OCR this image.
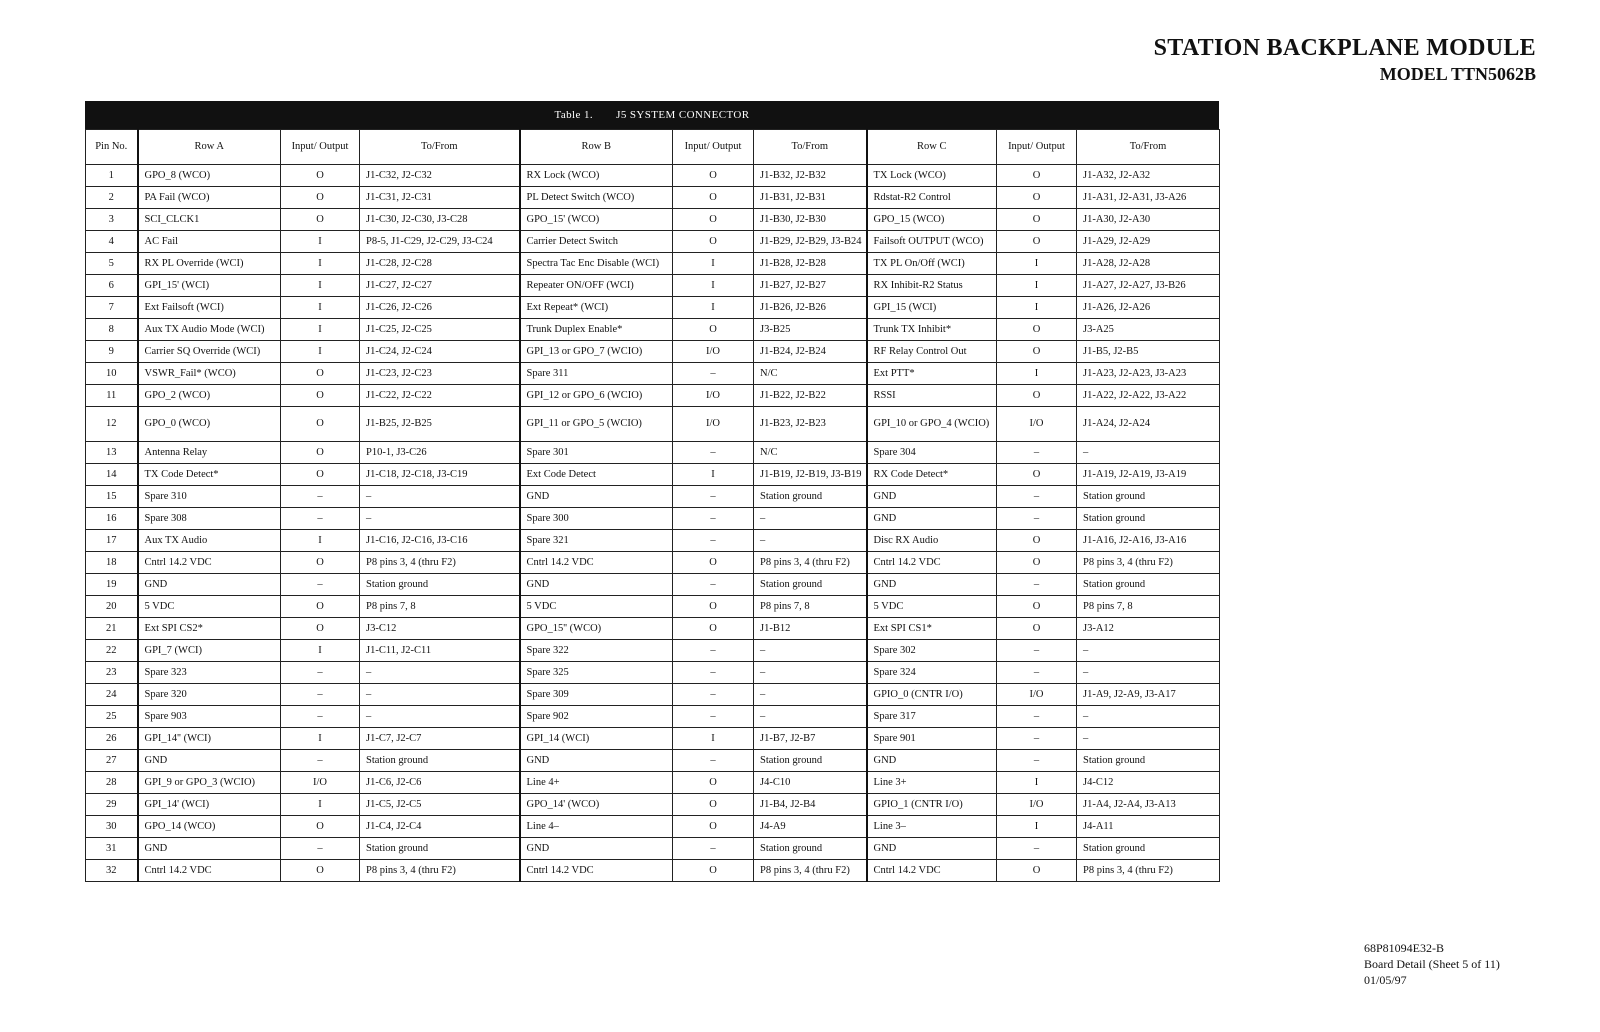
STATION BACKPLANE MODULE
MODEL TTN5062B
Table 1. J5 SYSTEM CONNECTOR
Pin No.	Row A	Input/ Output	To/From	Row B	Input/ Output	To/From	Row C	Input/ Output	To/From
1	GPO_8 (WCO)	O	J1-C32, J2-C32	RX Lock (WCO)	O	J1-B32, J2-B32	TX Lock (WCO)	O	J1-A32, J2-A32
2	PA Fail (WCO)	O	J1-C31, J2-C31	PL Detect Switch (WCO)	O	J1-B31, J2-B31	Rdstat-R2 Control	O	J1-A31, J2-A31, J3-A26
3	SCI_CLCK1	O	J1-C30, J2-C30, J3-C28	GPO_15' (WCO)	O	J1-B30, J2-B30	GPO_15 (WCO)	O	J1-A30, J2-A30
4	AC Fail	I	P8-5, J1-C29, J2-C29, J3-C24	Carrier Detect Switch	O	J1-B29, J2-B29, J3-B24	Failsoft OUTPUT (WCO)	O	J1-A29, J2-A29
5	RX PL Override (WCI)	I	J1-C28, J2-C28	Spectra Tac Enc Disable (WCI)	I	J1-B28, J2-B28	TX PL On/Off (WCI)	I	J1-A28, J2-A28
6	GPI_15' (WCI)	I	J1-C27, J2-C27	Repeater ON/OFF (WCI)	I	J1-B27, J2-B27	RX Inhibit-R2 Status	I	J1-A27, J2-A27, J3-B26
7	Ext Failsoft (WCI)	I	J1-C26, J2-C26	Ext Repeat* (WCI)	I	J1-B26, J2-B26	GPI_15 (WCI)	I	J1-A26, J2-A26
8	Aux TX Audio Mode (WCI)	I	J1-C25, J2-C25	Trunk Duplex Enable*	O	J3-B25	Trunk TX Inhibit*	O	J3-A25
9	Carrier SQ Override (WCI)	I	J1-C24, J2-C24	GPI_13 or GPO_7 (WCIO)	I/O	J1-B24, J2-B24	RF Relay Control Out	O	J1-B5, J2-B5
10	VSWR_Fail* (WCO)	O	J1-C23, J2-C23	Spare 311	–	N/C	Ext PTT*	I	J1-A23, J2-A23, J3-A23
11	GPO_2 (WCO)	O	J1-C22, J2-C22	GPI_12 or GPO_6 (WCIO)	I/O	J1-B22, J2-B22	RSSI	O	J1-A22, J2-A22, J3-A22
12	GPO_0 (WCO)	O	J1-B25, J2-B25	GPI_11 or GPO_5 (WCIO)	I/O	J1-B23, J2-B23	GPI_10 or GPO_4 (WCIO)	I/O	J1-A24, J2-A24
13	Antenna Relay	O	P10-1, J3-C26	Spare 301	–	N/C	Spare 304	–	–
14	TX Code Detect*	O	J1-C18, J2-C18, J3-C19	Ext Code Detect	I	J1-B19, J2-B19, J3-B19	RX Code Detect*	O	J1-A19, J2-A19, J3-A19
15	Spare 310	–	–	GND	–	Station ground	GND	–	Station ground
16	Spare 308	–	–	Spare 300	–	–	GND	–	Station ground
17	Aux TX Audio	I	J1-C16, J2-C16, J3-C16	Spare 321	–	–	Disc RX Audio	O	J1-A16, J2-A16, J3-A16
18	Cntrl 14.2 VDC	O	P8 pins 3, 4 (thru F2)	Cntrl 14.2 VDC	O	P8 pins 3, 4 (thru F2)	Cntrl 14.2 VDC	O	P8 pins 3, 4 (thru F2)
19	GND	–	Station ground	GND	–	Station ground	GND	–	Station ground
20	5 VDC	O	P8 pins 7, 8	5 VDC	O	P8 pins 7, 8	5 VDC	O	P8 pins 7, 8
21	Ext SPI CS2*	O	J3-C12	GPO_15'' (WCO)	O	J1-B12	Ext SPI CS1*	O	J3-A12
22	GPI_7 (WCI)	I	J1-C11, J2-C11	Spare 322	–	–	Spare 302	–	–
23	Spare 323	–	–	Spare 325	–	–	Spare 324	–	–
24	Spare 320	–	–	Spare 309	–	–	GPIO_0 (CNTR I/O)	I/O	J1-A9, J2-A9, J3-A17
25	Spare 903	–	–	Spare 902	–	–	Spare 317	–	–
26	GPI_14'' (WCI)	I	J1-C7, J2-C7	GPI_14 (WCI)	I	J1-B7, J2-B7	Spare 901	–	–
27	GND	–	Station ground	GND	–	Station ground	GND	–	Station ground
28	GPI_9 or GPO_3 (WCIO)	I/O	J1-C6, J2-C6	Line 4+	O	J4-C10	Line 3+	I	J4-C12
29	GPI_14' (WCI)	I	J1-C5, J2-C5	GPO_14' (WCO)	O	J1-B4, J2-B4	GPIO_1 (CNTR I/O)	I/O	J1-A4, J2-A4, J3-A13
30	GPO_14 (WCO)	O	J1-C4, J2-C4	Line 4–	O	J4-A9	Line 3–	I	J4-A11
31	GND	–	Station ground	GND	–	Station ground	GND	–	Station ground
32	Cntrl 14.2 VDC	O	P8 pins 3, 4 (thru F2)	Cntrl 14.2 VDC	O	P8 pins 3, 4 (thru F2)	Cntrl 14.2 VDC	O	P8 pins 3, 4 (thru F2)
68P81094E32-B
Board Detail (Sheet 5 of 11)
01/05/97
